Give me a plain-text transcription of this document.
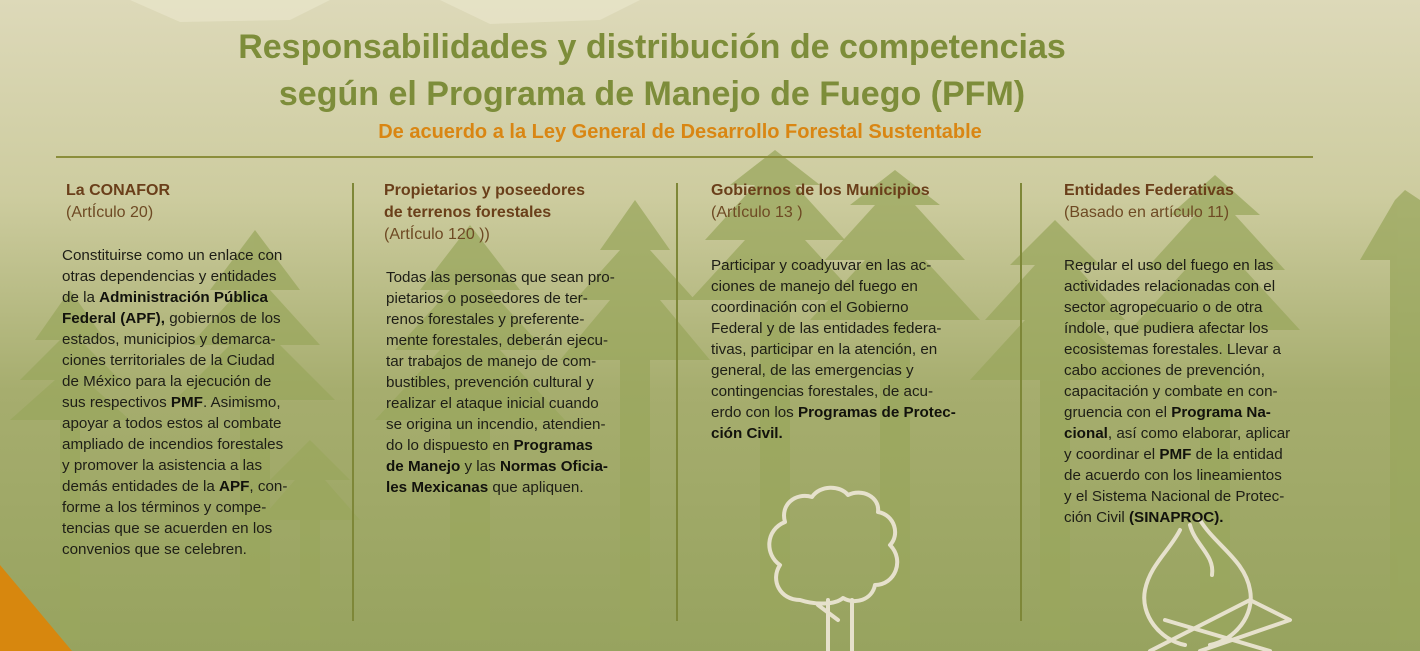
Responsabilidades y distribución de competencias
según el Programa de Manejo de Fuego (PFM)
De acuerdo a la Ley General de Desarrollo Forestal Sustentable
La CONAFOR
(ArtÍculo 20)
Constituirse como un enlace con
otras dependencias y entidades
de la Administración Pública
Federal (APF), gobiernos de los
estados, municipios y demarca-
ciones territoriales de la Ciudad
de México para la ejecución de
sus respectivos PMF. Asimismo,
apoyar a todos estos al combate
ampliado de incendios forestales
y promover la asistencia a las
demás entidades de la APF, con-
forme a los términos y compe-
tencias que se acuerden en los
convenios que se celebren.
Propietarios y poseedores
de terrenos forestales
(ArtÍculo 120 ))
Todas las personas que sean pro-
pietarios o poseedores de ter-
renos forestales y preferente-
mente forestales, deberán ejecu-
tar trabajos de manejo de com-
bustibles, prevención cultural y
realizar el ataque inicial cuando
se origina un incendio, atendien-
do lo dispuesto en Programas
de Manejo y las Normas Oficia-
les Mexicanas que apliquen.
Gobiernos de los Municipios
(ArtÍculo 13 )
Participar y coadyuvar en las ac-
ciones de manejo del fuego en
coordinación con el Gobierno
Federal y de las entidades federa-
tivas, participar en la atención, en
general, de las emergencias y
contingencias forestales, de acu-
erdo con los Programas de Protec-
ción Civil.
Entidades Federativas
(Basado en artículo 11)
Regular el uso del fuego en las
actividades relacionadas con el
sector agropecuario o de otra
índole, que pudiera afectar los
ecosistemas forestales. Llevar a
cabo acciones de prevención,
capacitación y combate en con-
gruencia con el Programa Na-
cional, así como elaborar, aplicar
y coordinar el PMF de la entidad
de acuerdo con los lineamientos
y el Sistema Nacional de Protec-
ción Civil (SINAPROC).
